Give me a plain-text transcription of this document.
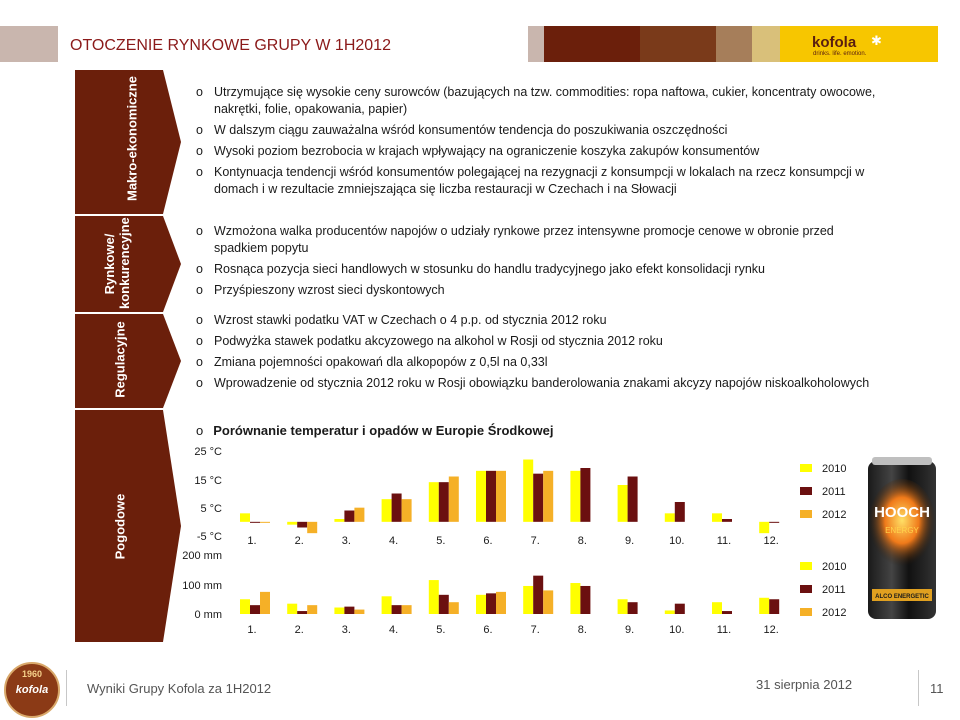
kofola ✱
drinks. life. emotion.
OTOCZENIE RYNKOWE GRUPY W 1H2012
Makro-ekonomiczne
Rynkowe/ konkurencyjne
Regulacyjne
Pogodowe
o Utrzymujące się wysokie ceny surowców (bazujących na tzw. commodities: ropa naftowa, cukier, koncentraty owocowe, nakrętki, folie, opakowania, papier)
o W dalszym ciągu zauważalna wśród konsumentów tendencja do poszukiwania oszczędności
o Wysoki poziom bezrobocia w krajach wpływający na ograniczenie koszyka zakupów konsumentów
o Kontynuacja tendencji wśród konsumentów polegającej na rezygnacji z konsumpcji w lokalach na rzecz konsumpcji w domach i w rezultacie zmniejszająca się liczba restauracji w Czechach i na Słowacji
o Wzmożona walka producentów napojów o udziały rynkowe przez intensywne promocje cenowe w obronie przed spadkiem popytu
o Rosnąca pozycja sieci handlowych w stosunku do handlu tradycyjnego jako efekt konsolidacji rynku
o Przyśpieszony wzrost sieci dyskontowych
o Wzrost stawki podatku VAT w Czechach o 4 p.p. od stycznia 2012 roku
o Podwyżka stawek podatku akcyzowego na alkohol w Rosji od stycznia 2012 roku
o Zmiana pojemności opakowań dla alkopopów z 0,5l na 0,33l
o Wprowadzenie od stycznia 2012 roku w Rosji obowiązku banderolowania znakami akcyzy napojów niskoalkoholowych
o Porównanie temperatur i opadów w Europie Środkowej
25 °C
15 °C
5 °C
-5 °C 1.	2.	3.	4.	5.	6.	7.	8.	9.	10.	11.	12.
2010
2011
2012
200 mm
100 mm
0 mm
1.	2.	3.	4.	5.	6.	7.	8.	9.	10.	11.	12.
2010
2011
2012
HOOCH
ENERGY
ALCO ENERGETIC
1960
kofola	Wyniki Grupy Kofola za 1H2012	31 sierpnia 2012	11
